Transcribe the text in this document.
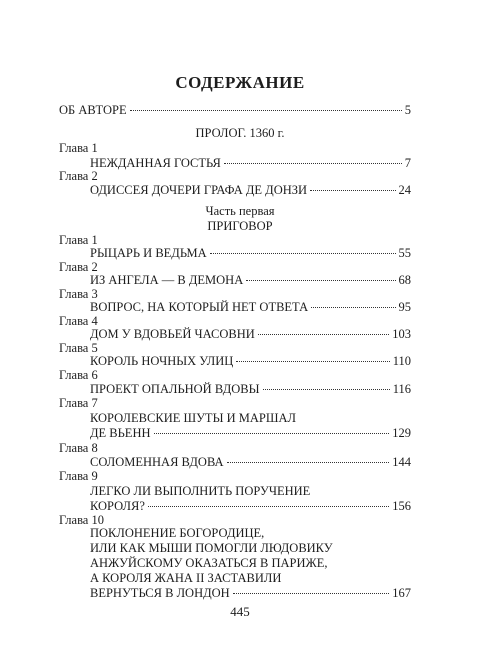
СОДЕРЖАНИЕ
ОБ АВТОРЕ	5
ПРОЛОГ. 1360 г.
Глава 1
НЕЖДАННАЯ ГОСТЬЯ	7
Глава 2
ОДИССЕЯ ДОЧЕРИ ГРАФА ДЕ ДОНЗИ	24
Часть первая
ПРИГОВОР
Глава 1
РЫЦАРЬ И ВЕДЬМА	55
Глава 2
ИЗ АНГЕЛА — В ДЕМОНА	68
Глава 3
ВОПРОС, НА КОТОРЫЙ НЕТ ОТВЕТА	95
Глава 4
ДОМ У ВДОВЬЕЙ ЧАСОВНИ	103
Глава 5
КОРОЛЬ НОЧНЫХ УЛИЦ	110
Глава 6
ПРОЕКТ ОПАЛЬНОЙ ВДОВЫ	116
Глава 7
КОРОЛЕВСКИЕ ШУТЫ И МАРШАЛ
ДЕ ВЬЕНН	129
Глава 8
СОЛОМЕННАЯ ВДОВА	144
Глава 9
ЛЕГКО ЛИ ВЫПОЛНИТЬ ПОРУЧЕНИЕ
КОРОЛЯ?	156
Глава 10
ПОКЛОНЕНИЕ БОГОРОДИЦЕ,
ИЛИ КАК МЫШИ ПОМОГЛИ ЛЮДОВИКУ
АНЖУЙСКОМУ ОКАЗАТЬСЯ В ПАРИЖЕ,
А КОРОЛЯ ЖАНА II ЗАСТАВИЛИ
ВЕРНУТЬСЯ В ЛОНДОН	167
445
